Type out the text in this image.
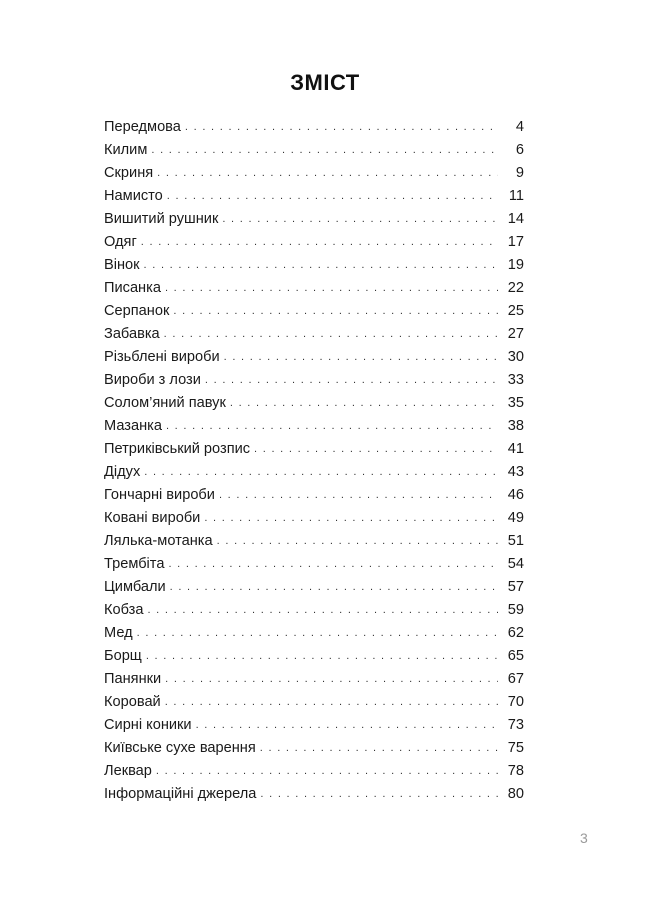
ЗМІСТ
Передмова . . .	4
Килим . . .	6
Скриня . . .	9
Намисто . . .	11
Вишитий рушник . . .	14
Одяг . . .	17
Вінок . . .	19
Писанка . . .	22
Серпанок . . .	25
Забавка . . .	27
Різьблені вироби . . .	30
Вироби з лози . . .	33
Солом’яний павук . . .	35
Мазанка . . .	38
Петриківський розпис . . .	41
Дідух . . .	43
Гончарні вироби . . .	46
Ковані вироби . . .	49
Лялька-мотанка . . .	51
Трембіта . . .	54
Цимбали . . .	57
Кобза . . .	59
Мед . . .	62
Борщ . . .	65
Панянки . . .	67
Коровай . . .	70
Сирні коники . . .	73
Київське сухе варення . . .	75
Леквар . . .	78
Інформаційні джерела . . .	80
3
